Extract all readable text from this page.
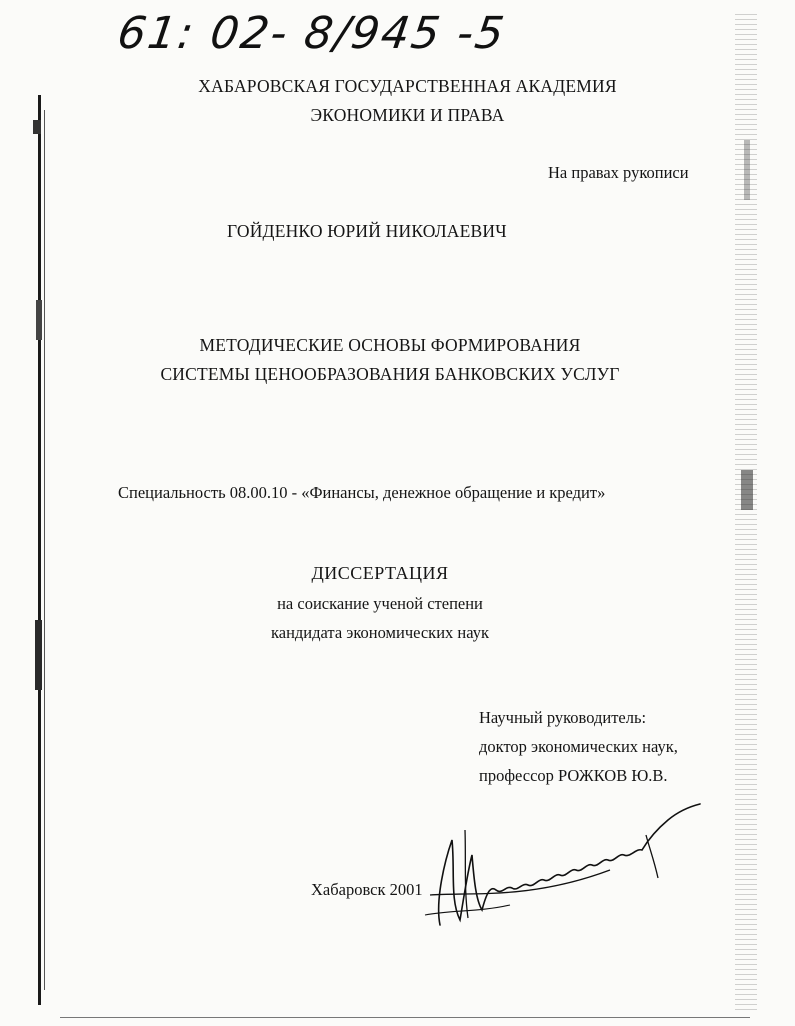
61: 02- 8/945 -5
ХАБАРОВСКАЯ ГОСУДАРСТВЕННАЯ АКАДЕМИЯ
ЭКОНОМИКИ И ПРАВА
На правах рукописи
ГОЙДЕНКО ЮРИЙ НИКОЛАЕВИЧ
МЕТОДИЧЕСКИЕ ОСНОВЫ ФОРМИРОВАНИЯ
СИСТЕМЫ ЦЕНООБРАЗОВАНИЯ БАНКОВСКИХ УСЛУГ
Специальность 08.00.10 - «Финансы, денежное обращение и кредит»
ДИССЕРТАЦИЯ
на соискание ученой степени
кандидата экономических наук
Научный руководитель:
доктор экономических наук,
профессор РОЖКОВ Ю.В.
Хабаровск 2001
